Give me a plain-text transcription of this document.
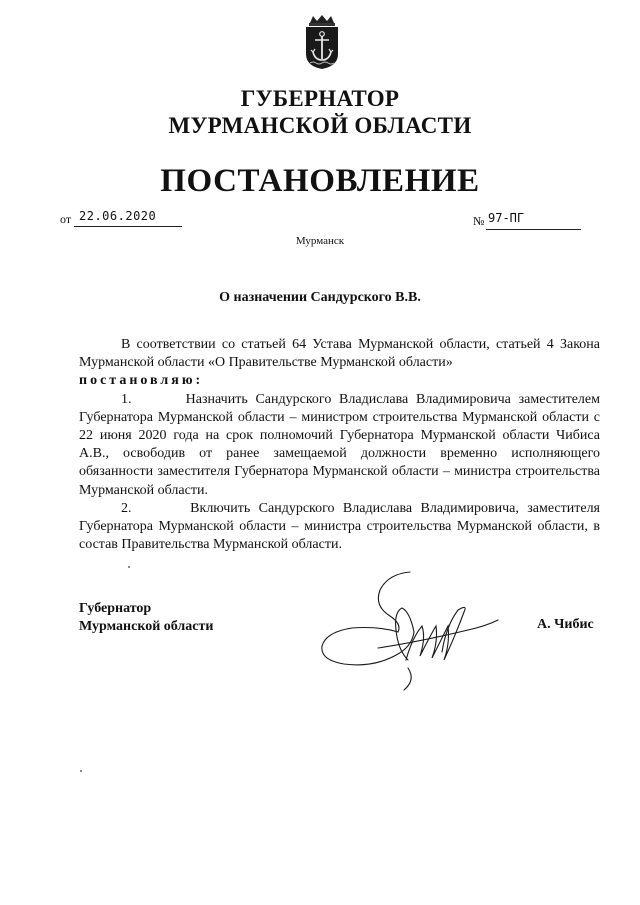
ГУБЕРНАТОР
МУРМАНСКОЙ ОБЛАСТИ
ПОСТАНОВЛЕНИЕ
от 22.06.2020	№ 97-ПГ
Мурманск
О назначении Сандурского В.В.

В соответствии со статьей 64 Устава Мурманской области, статьей 4 Закона Мурманской области «О Правительстве Мурманской области»

постановляю:

1.       Назначить Сандурского Владислава Владимировича заместителем Губернатора Мурманской области – министром строительства Мурманской области с 22 июня 2020 года на срок полномочий Губернатора Мурманской области Чибиса А.В., освободив от ранее замещаемой должности временно исполняющего обязанности заместителя Губернатора Мурманской области – министра строительства Мурманской области.

2.       Включить Сандурского Владислава Владимировича, заместителя Губернатора Мурманской области – министра строительства Мурманской области, в состав Правительства Мурманской области.

Губернатор
Мурманской области	А. Чибис
